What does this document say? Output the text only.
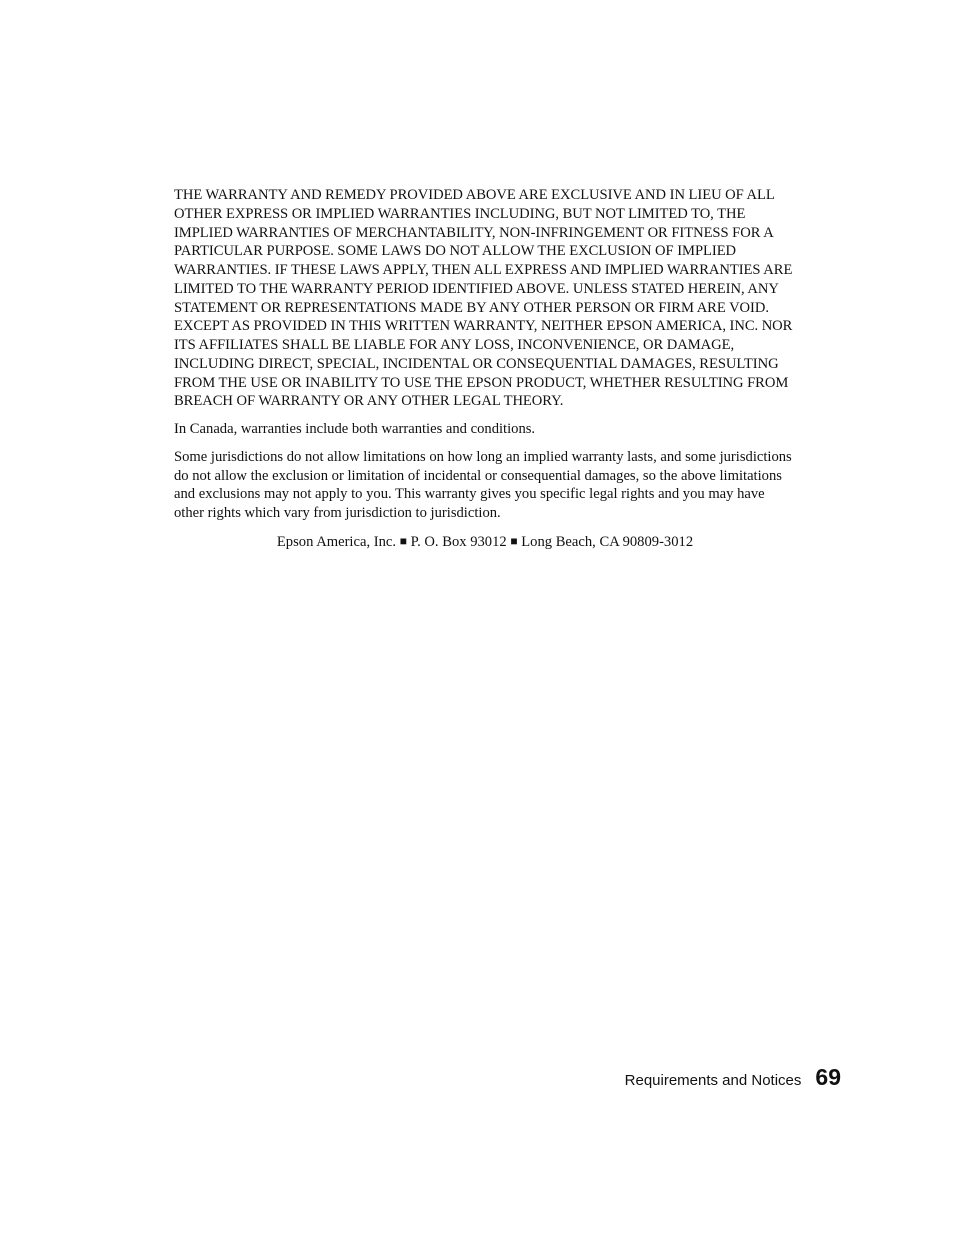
THE WARRANTY AND REMEDY PROVIDED ABOVE ARE EXCLUSIVE AND IN LIEU OF ALL OTHER EXPRESS OR IMPLIED WARRANTIES INCLUDING, BUT NOT LIMITED TO, THE IMPLIED WARRANTIES OF MERCHANTABILITY, NON-INFRINGEMENT OR FITNESS FOR A PARTICULAR PURPOSE. SOME LAWS DO NOT ALLOW THE EXCLUSION OF IMPLIED WARRANTIES. IF THESE LAWS APPLY, THEN ALL EXPRESS AND IMPLIED WARRANTIES ARE LIMITED TO THE WARRANTY PERIOD IDENTIFIED ABOVE. UNLESS STATED HEREIN, ANY STATEMENT OR REPRESENTATIONS MADE BY ANY OTHER PERSON OR FIRM ARE VOID. EXCEPT AS PROVIDED IN THIS WRITTEN WARRANTY, NEITHER EPSON AMERICA, INC. NOR ITS AFFILIATES SHALL BE LIABLE FOR ANY LOSS, INCONVENIENCE, OR DAMAGE, INCLUDING DIRECT, SPECIAL, INCIDENTAL OR CONSEQUENTIAL DAMAGES, RESULTING FROM THE USE OR INABILITY TO USE THE EPSON PRODUCT, WHETHER RESULTING FROM BREACH OF WARRANTY OR ANY OTHER LEGAL THEORY.

In Canada, warranties include both warranties and conditions.

Some jurisdictions do not allow limitations on how long an implied warranty lasts, and some jurisdictions do not allow the exclusion or limitation of incidental or consequential damages, so the above limitations and exclusions may not apply to you. This warranty gives you specific legal rights and you may have other rights which vary from jurisdiction to jurisdiction.

Epson America, Inc. ■ P. O. Box 93012 ■ Long Beach, CA 90809-3012

Requirements and Notices 69
